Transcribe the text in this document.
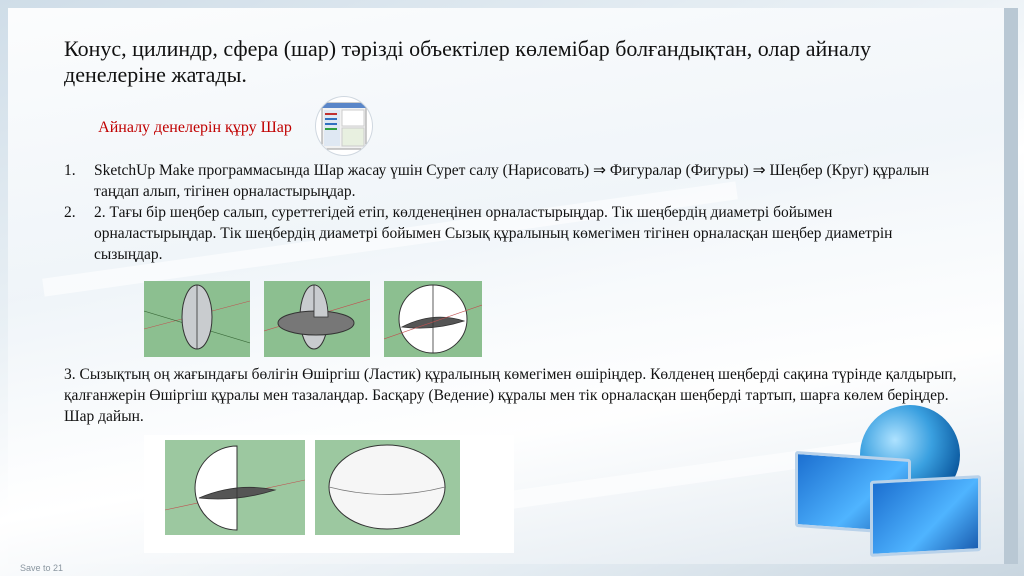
Конус, цилиндр, сфера (шар) тәрізді объектілер көлемібар болғандықтан, олар айналу денелеріне жатады.
Айналу денелерін құру Шар
1. SketchUp Make программасында Шар жасау үшін Сурет салу (Нарисовать) ⇒ Фигуралар (Фигуры) ⇒ Шеңбер (Круг) құралын таңдап алып, тігінен орналастырыңдар.
2. 2. Тағы бір шеңбер салып, суреттегідей етіп, көлденеңінен орналастырыңдар. Тік шеңбердің диаметрі бойымен орналастырыңдар. Тік шеңбердің диаметрі бойымен Сызық құралының көмегімен тігінен орналасқан шеңбер диаметрін сызыңдар.
3. Сызықтың оң жағындағы бөлігін Өшіргіш (Ластик) құралының көмегімен өшіріңдер. Көлденең шеңберді сақина түрінде қалдырып, қалғанжерін Өшіргіш құралы мен тазалаңдар. Басқару (Ведение) құралы мен тік орналасқан шеңберді тартып, шарға көлем беріңдер. Шар дайын.
Save to 21
